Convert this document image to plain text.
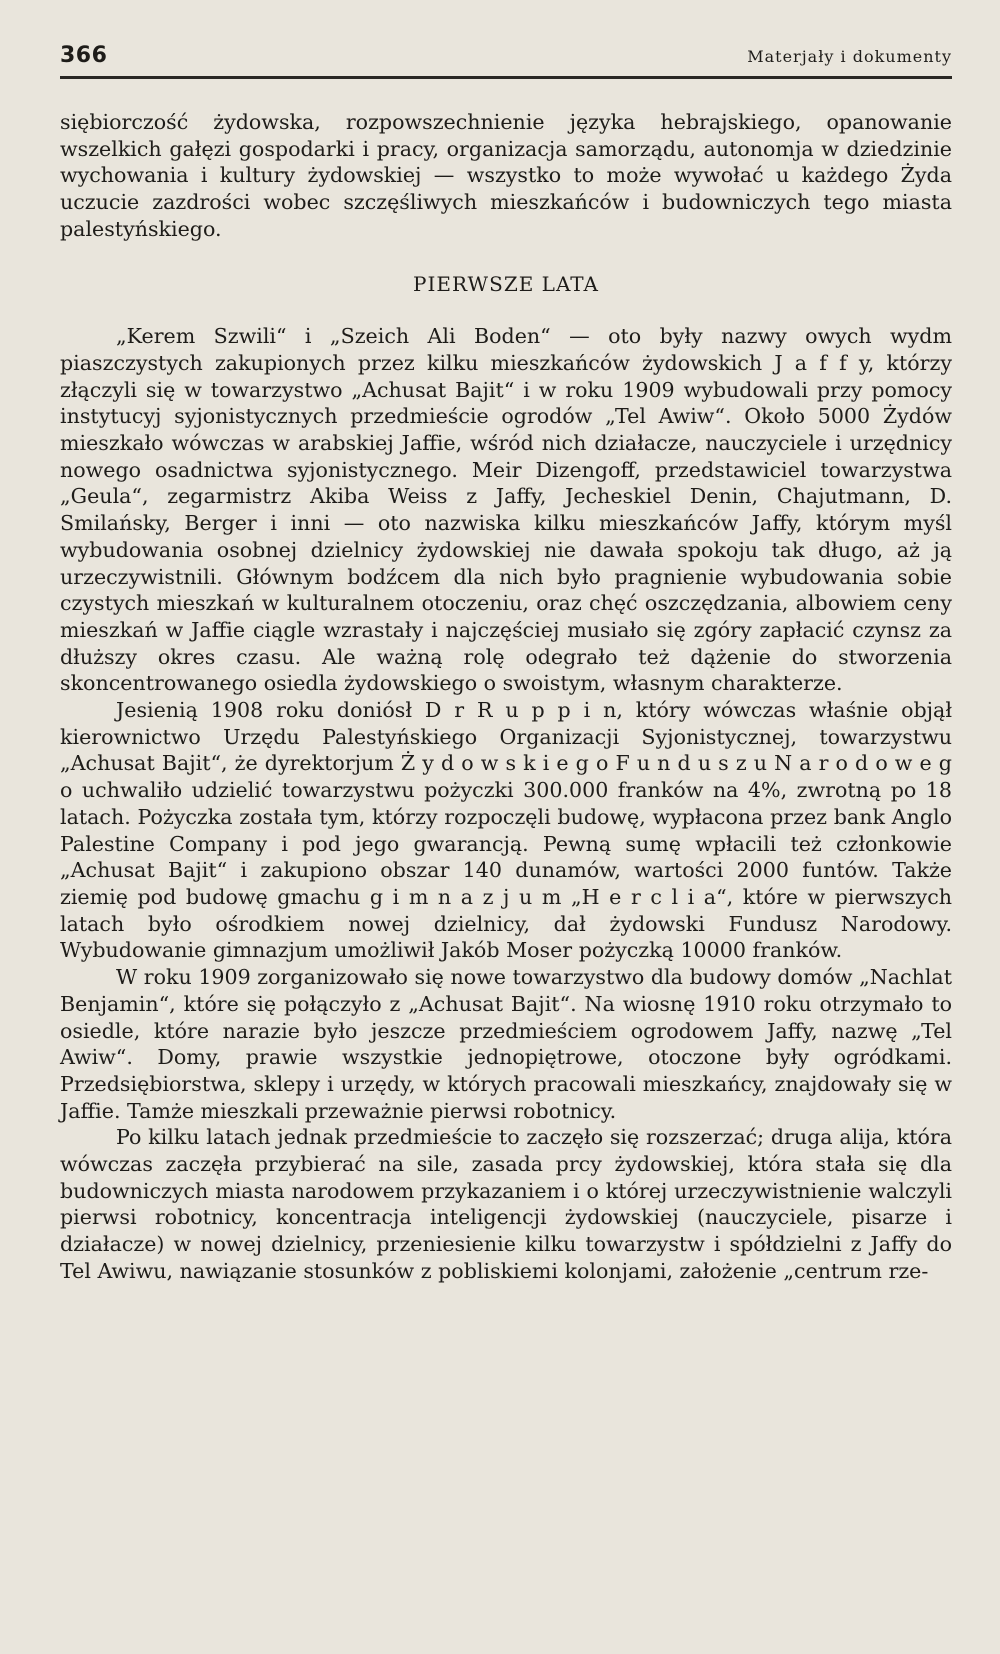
366	Materjały i dokumenty

siębiorczość żydowska, rozpowszechnienie języka hebrajskiego, opanowanie wszelkich gałęzi gospodarki i pracy, organizacja samorządu, autonomja w dziedzinie wychowania i kultury żydowskiej — wszystko to może wywołać u każdego Żyda uczucie zazdrości wobec szczęśliwych mieszkańców i budowniczych tego miasta palestyńskiego.

PIERWSZE LATA

„Kerem Szwili“ i „Szeich Ali Boden“ — oto były nazwy owych wydm piaszczystych zakupionych przez kilku mieszkańców żydowskich J a f f y, którzy złączyli się w towarzystwo „Achusat Bajit“ i w roku 1909 wybudowali przy pomocy instytucyj syjonistycznych przedmieście ogrodów „Tel Awiw“. Około 5000 Żydów mieszkało wówczas w arabskiej Jaffie, wśród nich działacze, nauczyciele i urzędnicy nowego osadnictwa syjonistycznego. Meir Dizengoff, przedstawiciel towarzystwa „Geula“, zegarmistrz Akiba Weiss z Jaffy, Jecheskiel Denin, Chajutmann, D. Smilańsky, Berger i inni — oto nazwiska kilku mieszkańców Jaffy, którym myśl wybudowania osobnej dzielnicy żydowskiej nie dawała spokoju tak długo, aż ją urzeczywistnili. Głównym bodźcem dla nich było pragnienie wybudowania sobie czystych mieszkań w kulturalnem otoczeniu, oraz chęć oszczędzania, albowiem ceny mieszkań w Jaffie ciągle wzrastały i najczęściej musiało się zgóry zapłacić czynsz za dłuższy okres czasu. Ale ważną rolę odegrało też dążenie do stworzenia skoncentrowanego osiedla żydowskiego o swoistym, własnym charakterze.

Jesienią 1908 roku doniósł D r R u p p i n, który wówczas właśnie objął kierownictwo Urzędu Palestyńskiego Organizacji Syjonistycznej, towarzystwu „Achusat Bajit“, że dyrektorjum Ż y d o w s k i e g o F u n d u s z u N a r o d o w e g o uchwaliło udzielić towarzystwu pożyczki 300.000 franków na 4%, zwrotną po 18 latach. Pożyczka została tym, którzy rozpoczęli budowę, wypłacona przez bank Anglo Palestine Company i pod jego gwarancją. Pewną sumę wpłacili też członkowie „Achusat Bajit“ i zakupiono obszar 140 dunamów, wartości 2000 funtów. Także ziemię pod budowę gmachu g i m n a z j u m „H e r c l i a“, które w pierwszych latach było ośrodkiem nowej dzielnicy, dał żydowski Fundusz Narodowy. Wybudowanie gimnazjum umożliwił Jakób Moser pożyczką 10000 franków.

W roku 1909 zorganizowało się nowe towarzystwo dla budowy domów „Nachlat Benjamin“, które się połączyło z „Achusat Bajit“. Na wiosnę 1910 roku otrzymało to osiedle, które narazie było jeszcze przedmieściem ogrodowem Jaffy, nazwę „Tel Awiw“. Domy, prawie wszystkie jednopiętrowe, otoczone były ogródkami. Przedsiębiorstwa, sklepy i urzędy, w których pracowali mieszkańcy, znajdowały się w Jaffie. Tamże mieszkali przeważnie pierwsi robotnicy.

Po kilku latach jednak przedmieście to zaczęło się rozszerzać; druga alija, która wówczas zaczęła przybierać na sile, zasada prcy żydowskiej, która stała się dla budowniczych miasta narodowem przykazaniem i o której urzeczywistnienie walczyli pierwsi robotnicy, koncentracja inteligencji żydowskiej (nauczyciele, pisarze i działacze) w nowej dzielnicy, przeniesienie kilku towarzystw i spółdzielni z Jaffy do Tel Awiwu, nawiązanie stosunków z pobliskiemi kolonjami, założenie „centrum rze-
